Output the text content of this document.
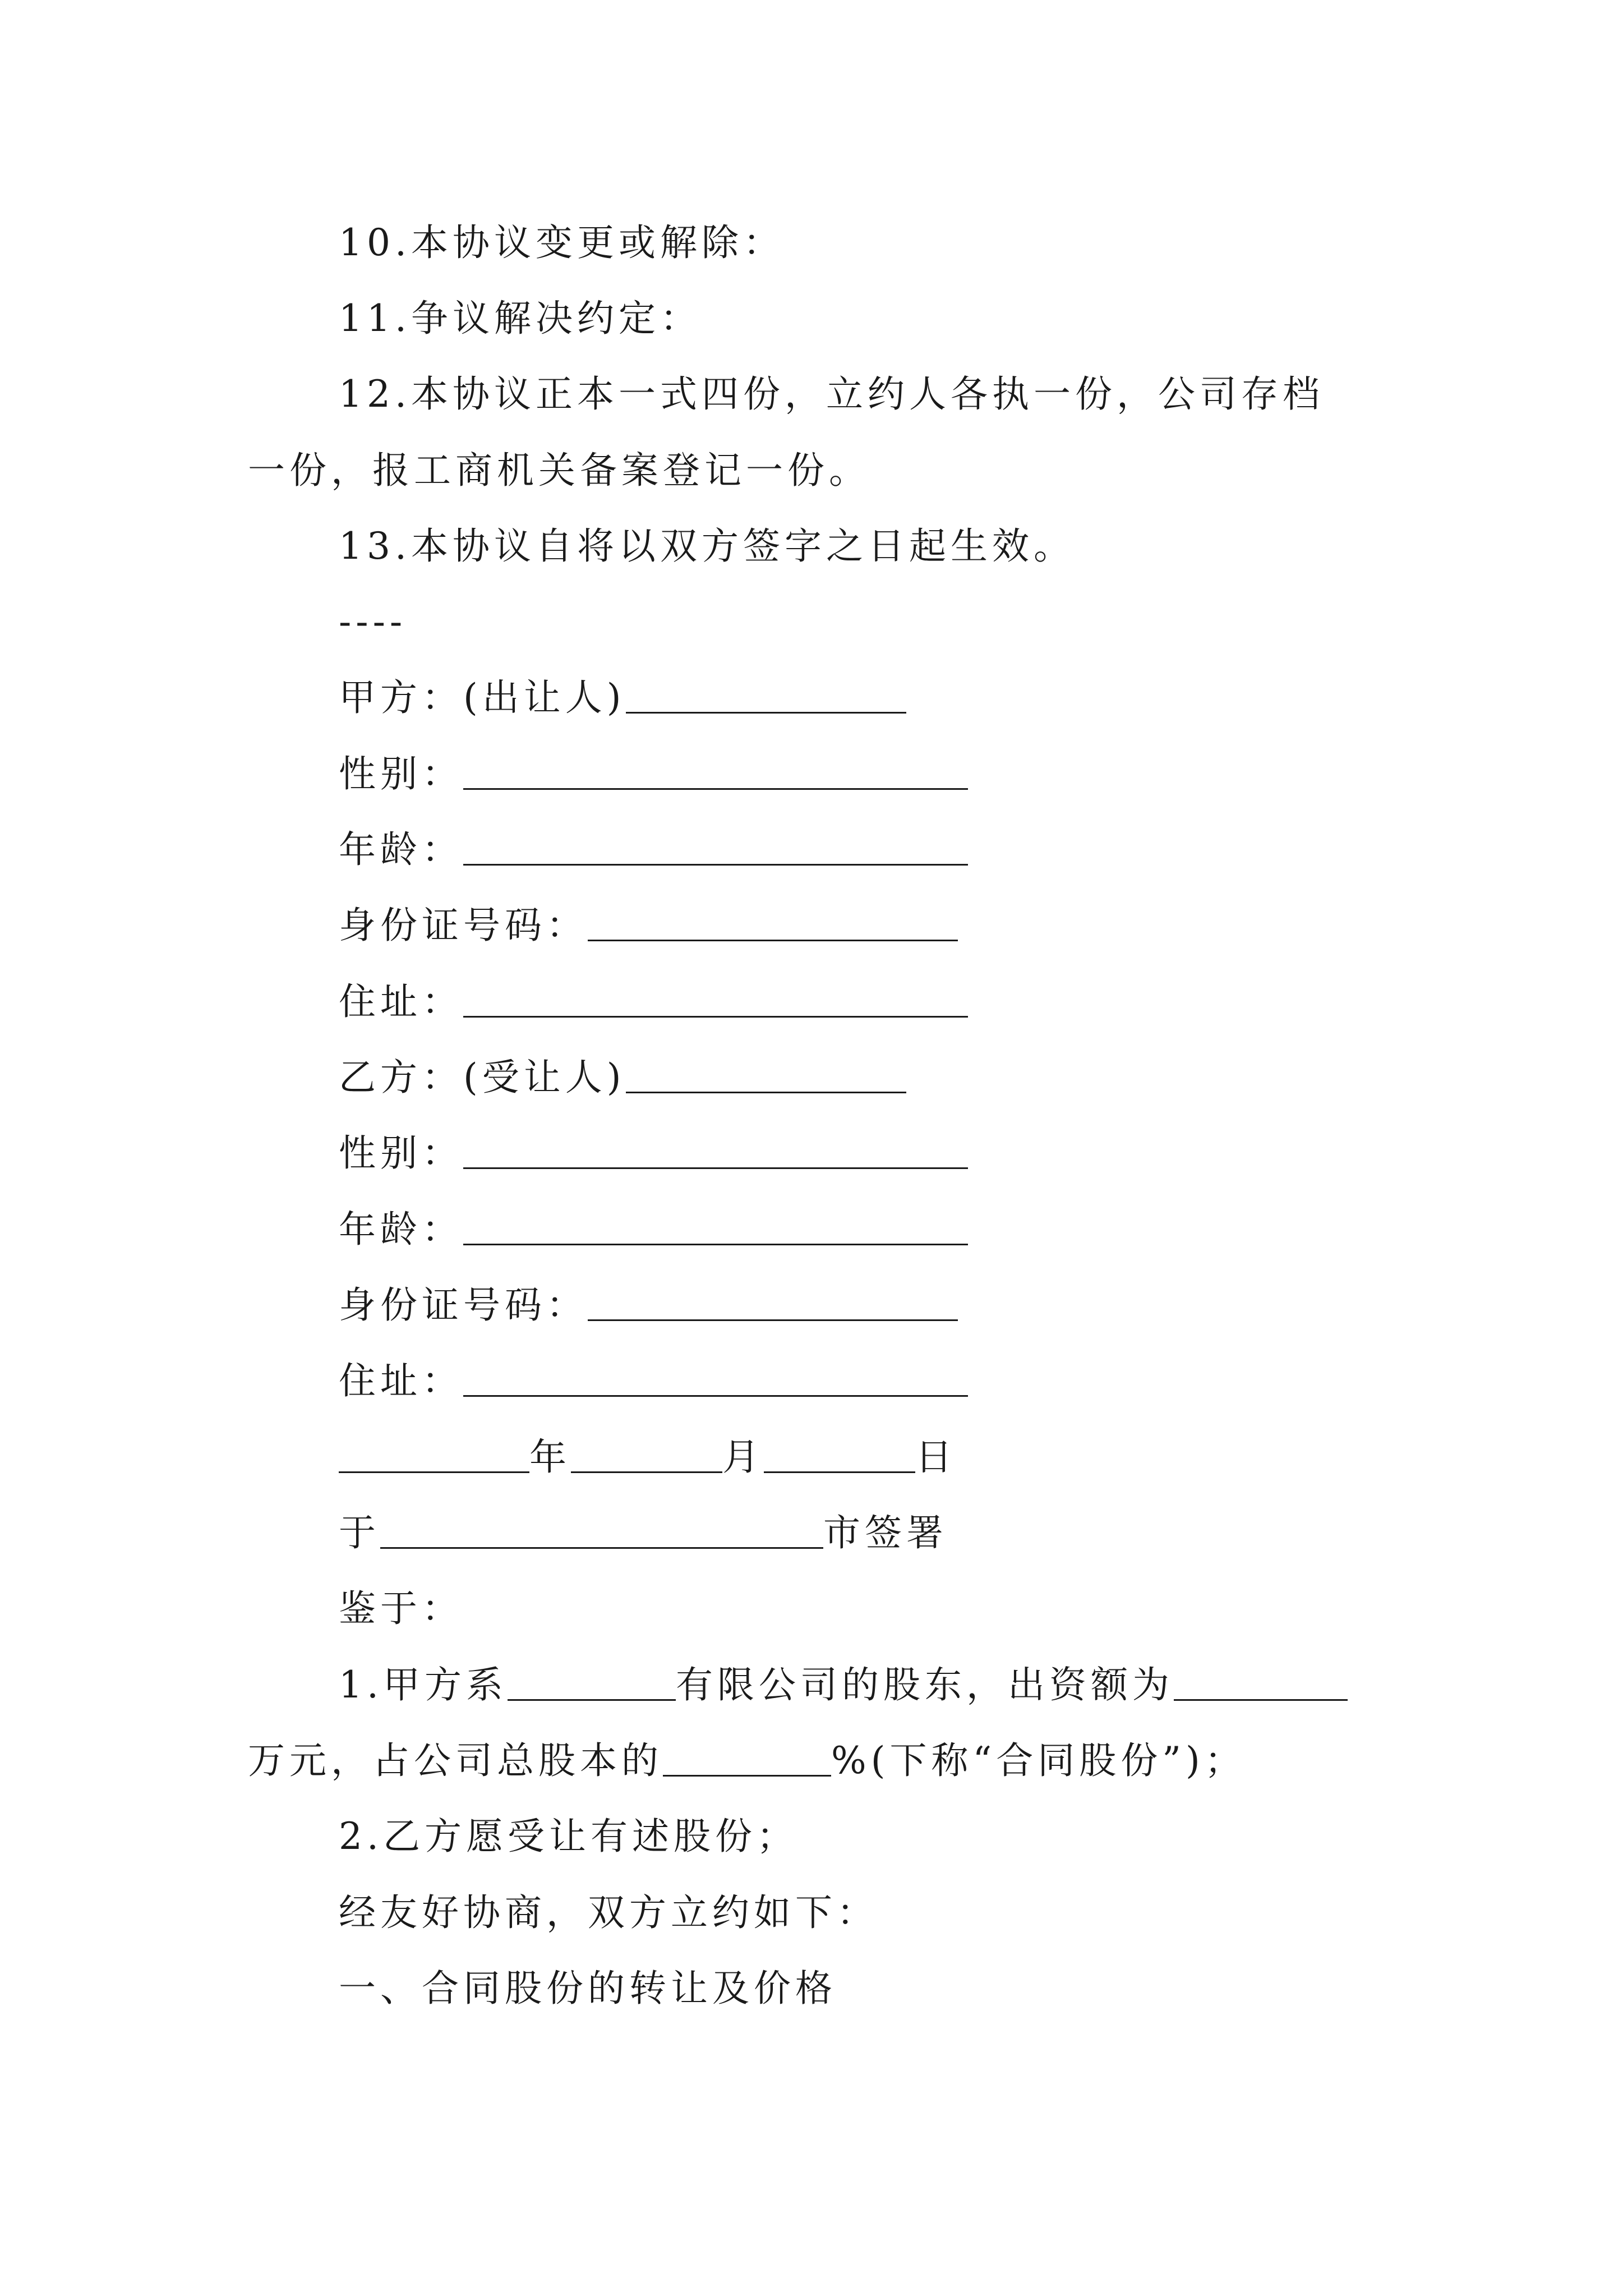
10.本协议变更或解除：
11.争议解决约定：
12.本协议正本一式四份，立约人各执一份，公司存档
一份，报工商机关备案登记一份。
13.本协议自将以双方签字之日起生效。
----
甲方：(出让人)
性别：
年龄：
身份证号码：
住址：
乙方：(受让人)
性别：
年龄：
身份证号码：
住址：
年	月	日
于	市签署
鉴于：
1.甲方系	有限公司的股东，出资额为
万元，占公司总股本的	%(下称“合同股份”)；
2.乙方愿受让有述股份；
经友好协商，双方立约如下：
一、合同股份的转让及价格
